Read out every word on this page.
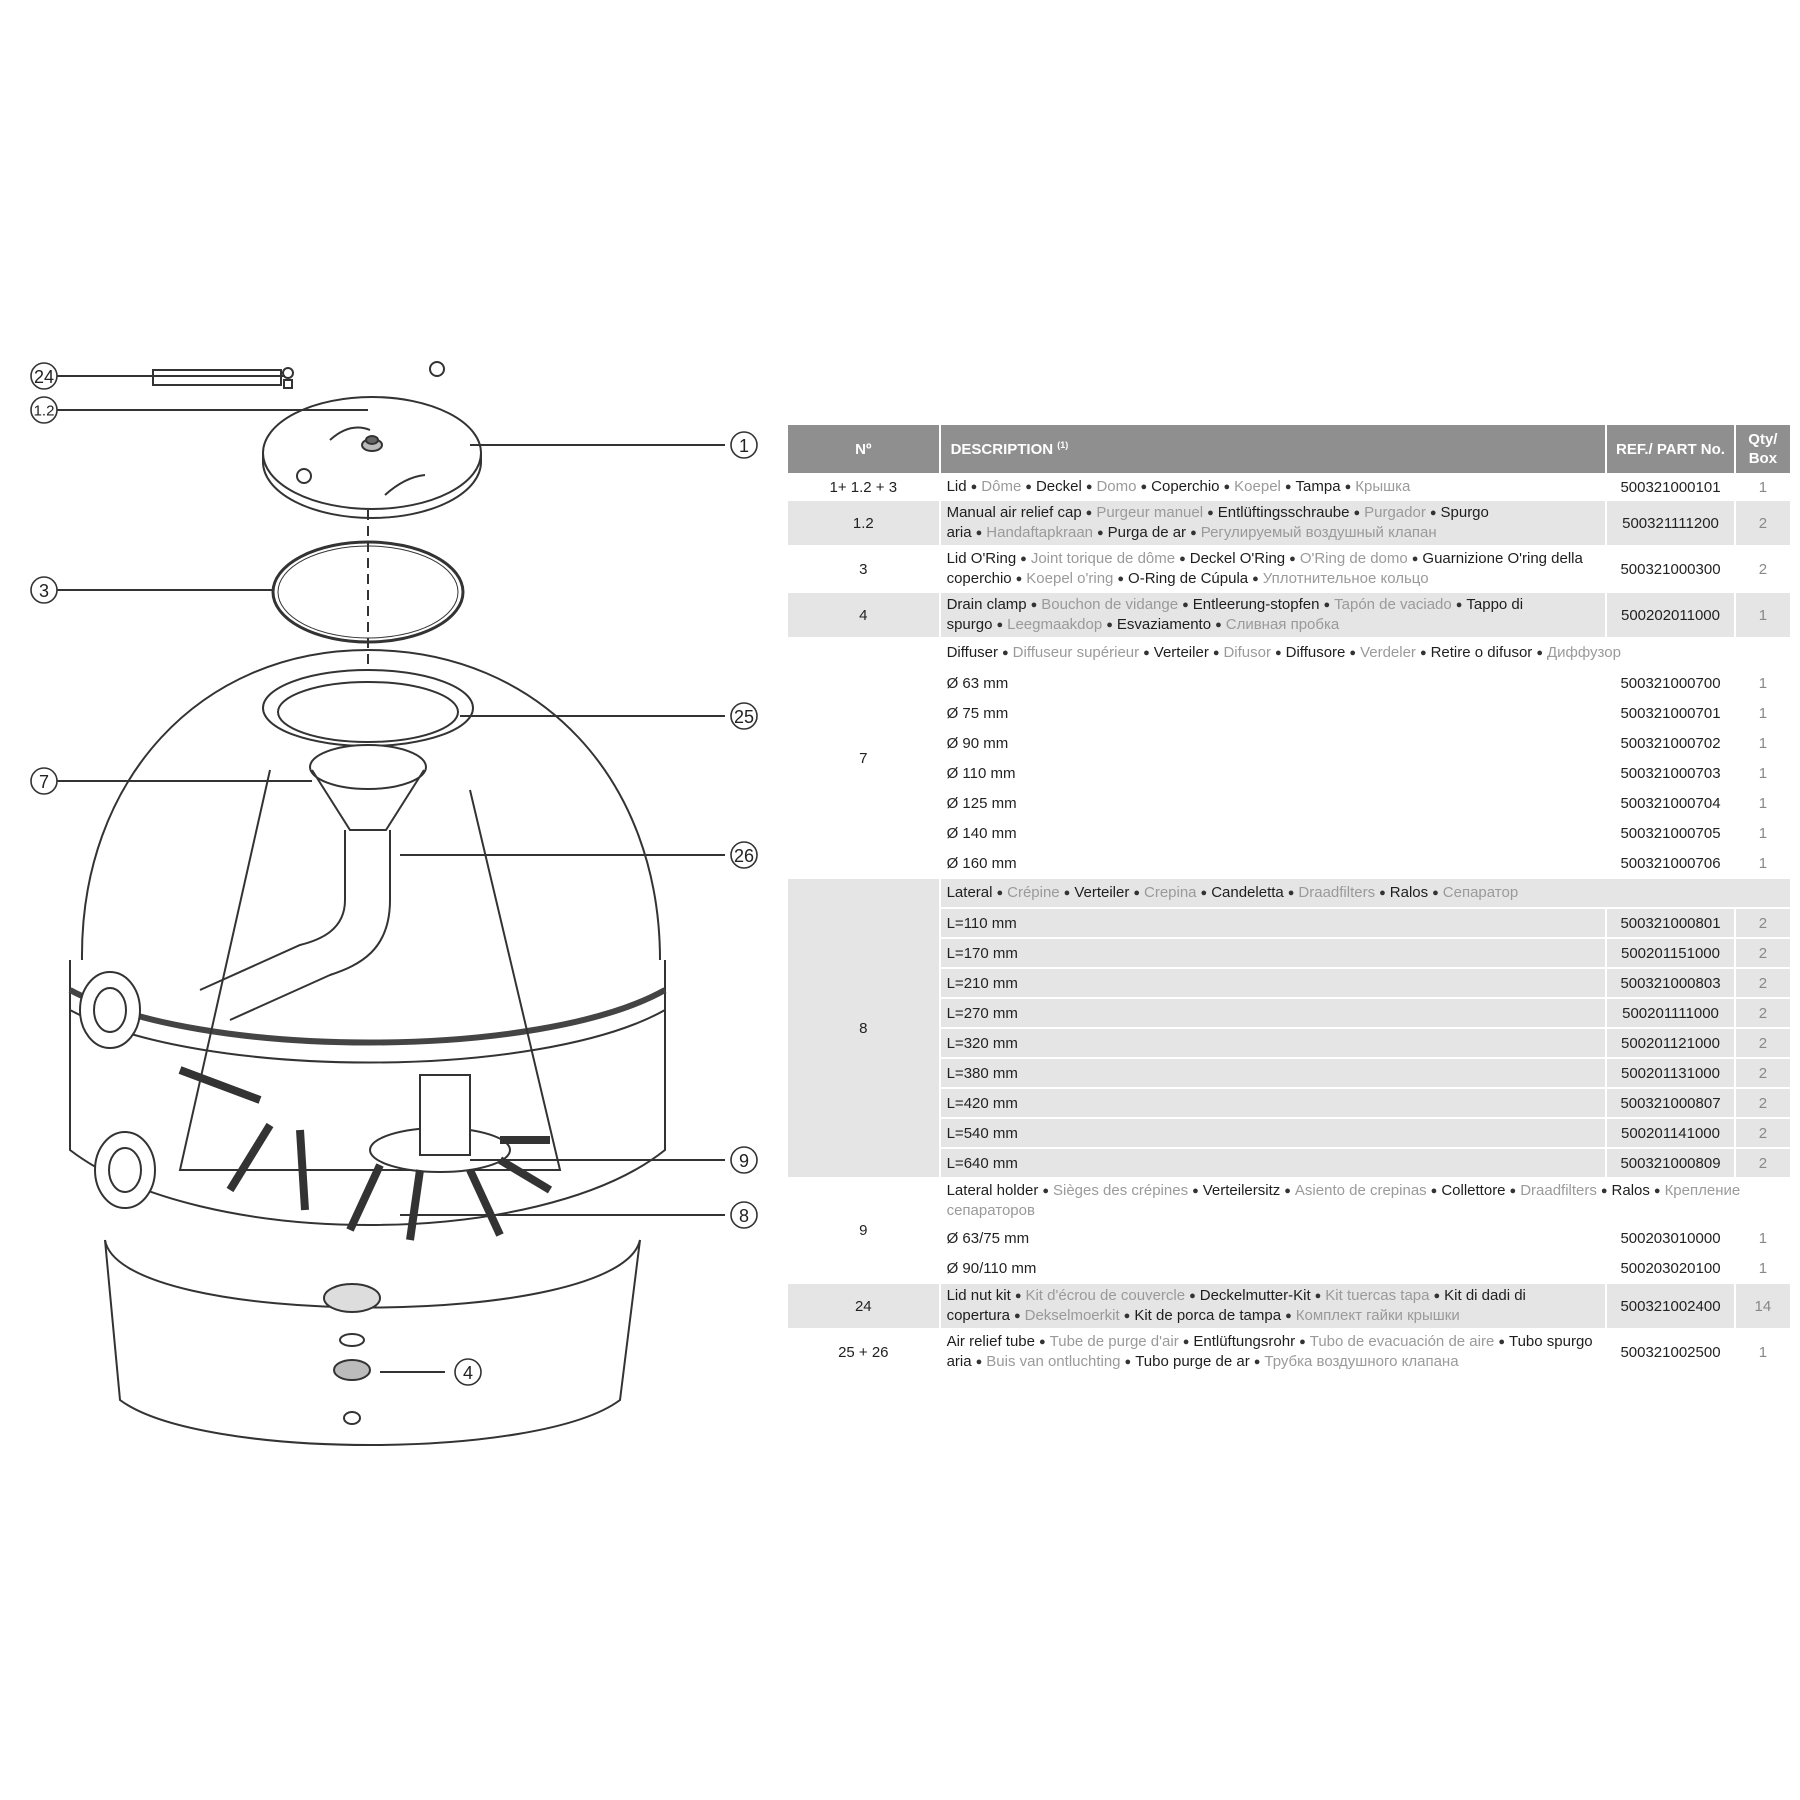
24
1.2
1
3
25
7
26
9
8
4
Nº	DESCRIPTION $^{(1)}$	REF./ PART No.	Qty/
Box
1+ 1.2 + 3	Lid ● Dôme ● Deckel ● Domo ● Coperchio ● Koepel ● Tampa ● Крышка	500321000101	1
1.2	Manual air relief cap ● Purgeur manuel ● Entlüftingsschraube ● Purgador ● Spurgo aria ● Handaftapkraan ● Purga de ar ● Регулируемый воздушный клапан	500321111200	2
3	Lid O'Ring ● Joint torique de dôme ● Deckel O'Ring ● O'Ring de domo ● Guarnizione O'ring della coperchio ● Koepel o'ring ● O-Ring de Cúpula ● Уплотнительное кольцо	500321000300	2
4	Drain clamp ● Bouchon de vidange ● Entleerung-stopfen ● Tapón de vaciado ● Tappo di spurgo ● Leegmaakdop ● Esvaziamento ● Сливная пробка	500202011000	1
7	Diffuser ● Diffuseur supérieur ● Verteiler ● Difusor ● Diffusore ● Verdeler ● Retire o difusor ● Диффузор		
	Ø 63 mm	500321000700	1
	Ø 75 mm	500321000701	1
	Ø 90 mm	500321000702	1
	Ø 110 mm	500321000703	1
	Ø 125 mm	500321000704	1
	Ø 140 mm	500321000705	1
	Ø 160 mm	500321000706	1
8	Lateral ● Crépine ● Verteiler ● Crepina ● Candeletta ● Draadfilters ● Ralos ● Сепаратор		
	L=110 mm	500321000801	2
	L=170 mm	500201151000	2
	L=210 mm	500321000803	2
	L=270 mm	500201111000	2
	L=320 mm	500201121000	2
	L=380 mm	500201131000	2
	L=420 mm	500321000807	2
	L=540 mm	500201141000	2
	L=640 mm	500321000809	2
9	Lateral holder ● Sièges des crépines ● Verteilersitz ● Asiento de crepinas ● Collettore ● Draadfilters ● Ralos ● Крепление сепараторов		
	Ø 63/75 mm	500203010000	1
	Ø 90/110 mm	500203020100	1
24	Lid nut kit ● Kit d'écrou de couvercle ● Deckelmutter-Kit ● Kit tuercas tapa ● Kit di dadi di copertura ● Dekselmoerkit ● Kit de porca de tampa ● Комплект гайки крышки	500321002400	14
25 + 26	Air relief tube ● Tube de purge d'air ● Entlüftungsrohr ● Tubo de evacuación de aire ● Tubo spurgo aria ● Buis van ontluchting ● Tubo purge de ar ● Трубка воздушного клапана	500321002500	1
